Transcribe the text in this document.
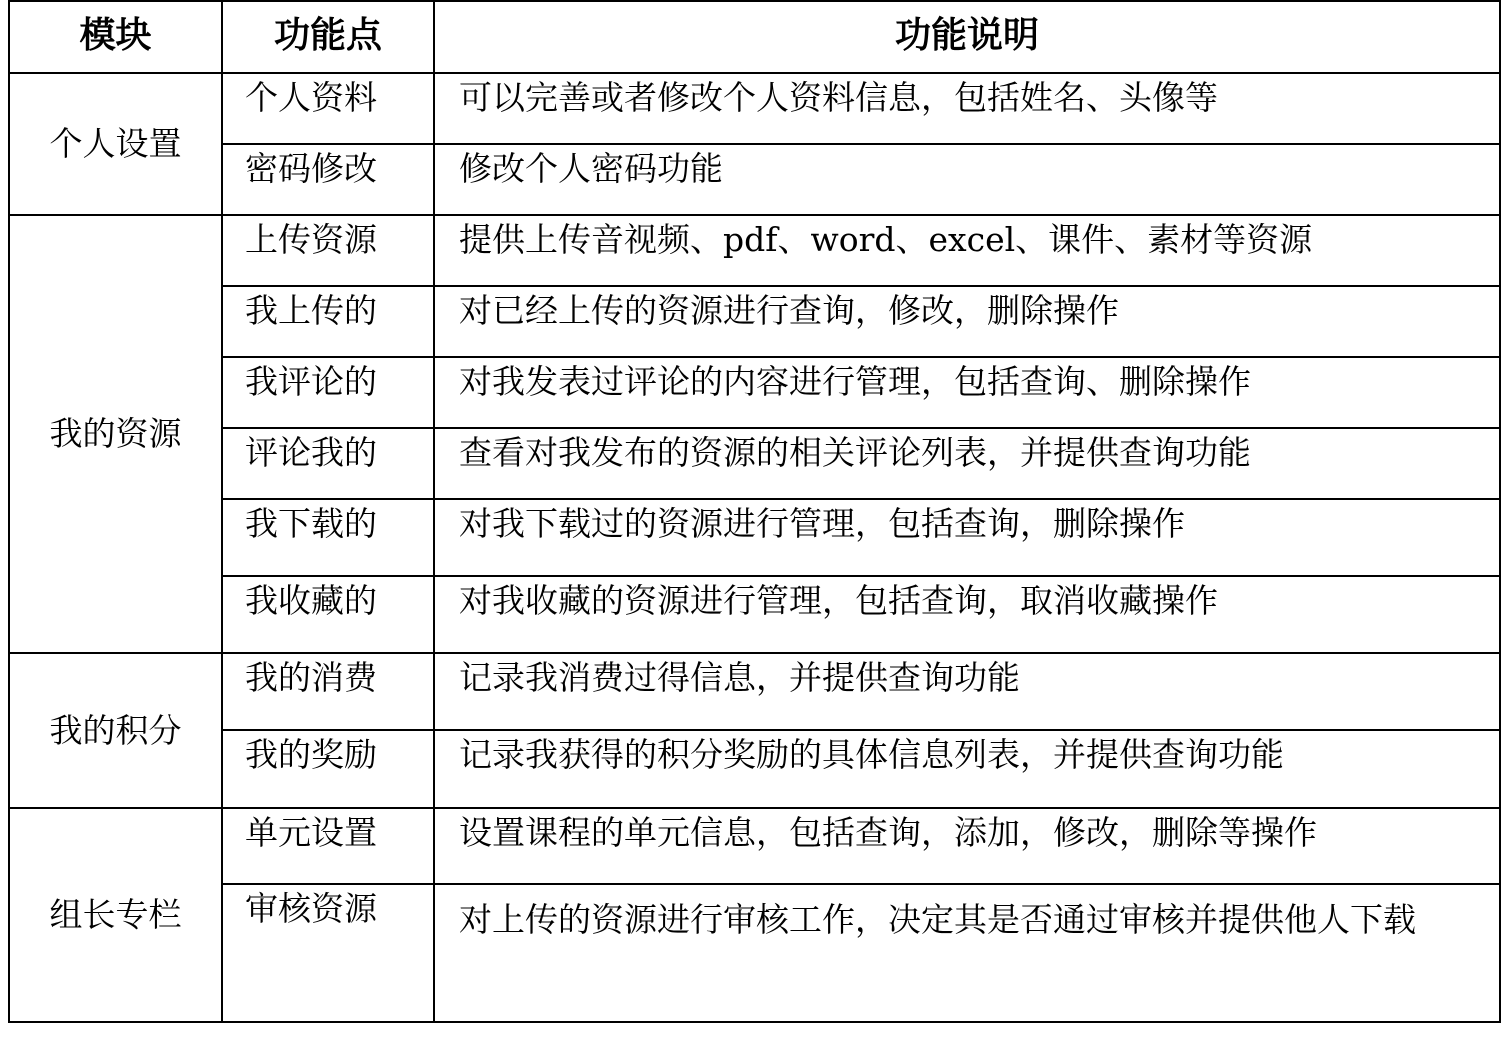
模块	功能点	功能说明
个人设置	个人资料	可以完善或者修改个人资料信息，包括姓名、头像等
	密码修改	修改个人密码功能
我的资源	上传资源	提供上传音视频、pdf、word、excel、课件、素材等资源
	我上传的	对已经上传的资源进行查询，修改，删除操作
	我评论的	对我发表过评论的内容进行管理，包括查询、删除操作
	评论我的	查看对我发布的资源的相关评论列表，并提供查询功能
	我下载的	对我下载过的资源进行管理，包括查询，删除操作
	我收藏的	对我收藏的资源进行管理，包括查询，取消收藏操作
我的积分	我的消费	记录我消费过得信息，并提供查询功能
	我的奖励	记录我获得的积分奖励的具体信息列表，并提供查询功能
组长专栏	单元设置	设置课程的单元信息，包括查询，添加，修改，删除等操作
	审核资源	对上传的资源进行审核工作，决定其是否通过审核并提供他人下载
